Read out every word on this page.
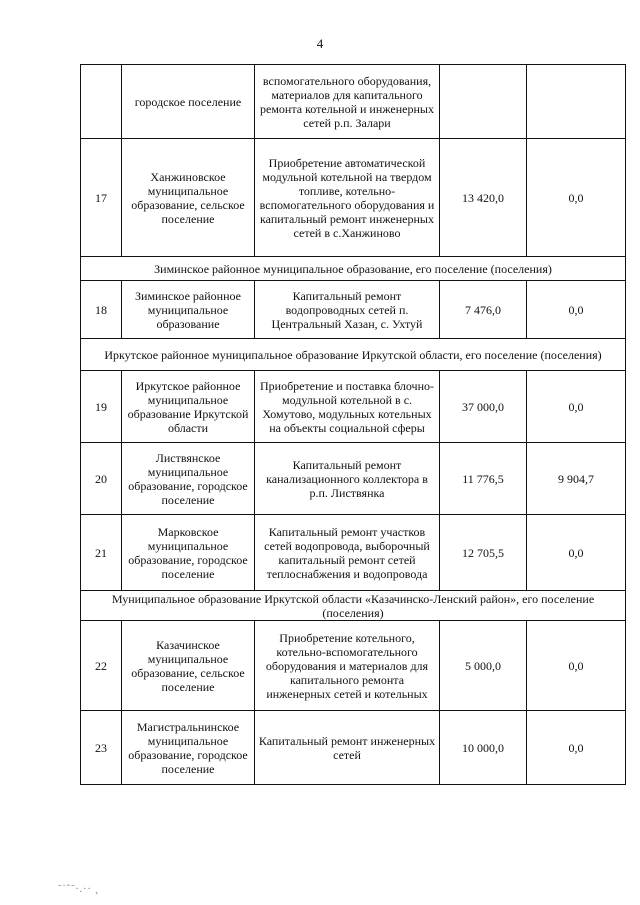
4
	городское поселение	вспомогательного оборудования, материалов для капитального ремонта котельной и инженерных сетей р.п. Залари		
17	Ханжиновское муниципальное образование, сельское поселение	Приобретение автоматической модульной котельной на твердом топливе, котельно-вспомогательного оборудования и капитальный ремонт инженерных сетей в с.Ханжиново	13 420,0	0,0
Зиминское районное муниципальное образование, его поселение (поселения)				
18	Зиминское районное муниципальное образование	Капитальный ремонт водопроводных сетей п. Центральный Хазан, с. Ухтуй	7 476,0	0,0
Иркутское районное муниципальное образование Иркутской области, его поселение (поселения)				
19	Иркутское районное муниципальное образование Иркутской области	Приобретение и поставка блочно-модульной котельной в с. Хомутово, модульных котельных на объекты социальной сферы	37 000,0	0,0
20	Листвянское муниципальное образование, городское поселение	Капитальный ремонт канализационного коллектора в р.п. Листвянка	11 776,5	9 904,7
21	Марковское муниципальное образование, городское поселение	Капитальный ремонт участков сетей водопровода, выборочный капитальный ремонт сетей теплоснабжения и водопровода	12 705,5	0,0
Муниципальное образование Иркутской области «Казачинско-Ленский район», его поселение (поселения)				
22	Казачинское муниципальное образование, сельское поселение	Приобретение котельного, котельно-вспомогательного оборудования и материалов для капитального ремонта инженерных сетей и котельных	5 000,0	0,0
23	Магистральнинское муниципальное образование, городское поселение	Капитальный ремонт инженерных сетей	10 000,0	0,0
˜˙ˆ˜·.·· ˛
